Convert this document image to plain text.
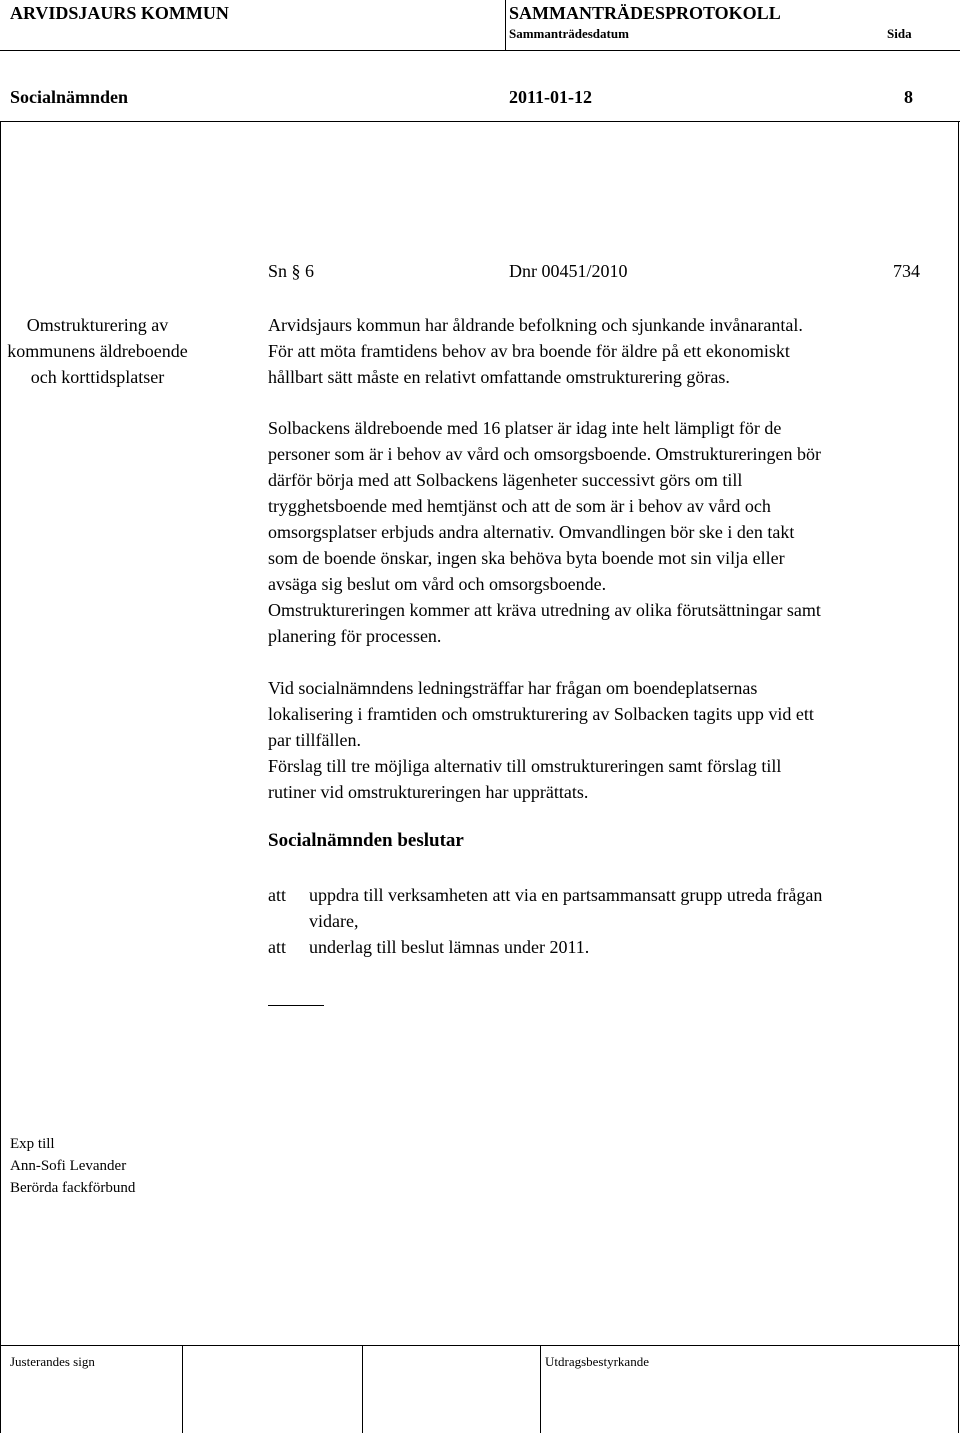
ARVIDSJAURS KOMMUN	SAMMANTRÄDESPROTOKOLL
Sammanträdesdatum	Sida
Socialnämnden	2011-01-12	8
Sn § 6	Dnr 00451/2010	734
Omstrukturering av
kommunens äldreboende
och korttidsplatser

Arvidsjaurs kommun har åldrande befolkning och sjunkande invånarantal.

För att möta framtidens behov av bra boende för äldre på ett ekonomiskt

hållbart sätt måste en relativt omfattande omstrukturering göras.

Solbackens äldreboende med 16 platser är idag inte helt lämpligt för de

personer som är i behov av vård och omsorgsboende. Omstruktureringen bör

därför börja med att Solbackens lägenheter successivt görs om till

trygghetsboende med hemtjänst och att de som är i behov av vård och

omsorgsplatser erbjuds andra alternativ. Omvandlingen bör ske i den takt

som de boende önskar, ingen ska behöva byta boende mot sin vilja eller

avsäga sig beslut om vård och omsorgsboende.

Omstruktureringen kommer att kräva utredning av olika förutsättningar samt

planering för processen.

Vid socialnämndens ledningsträffar har frågan om boendeplatsernas

lokalisering i framtiden och omstrukturering av Solbacken tagits upp vid ett

par tillfällen.

Förslag till tre möjliga alternativ till omstruktureringen samt förslag till

rutiner vid omstruktureringen har upprättats.

Socialnämnden beslutar
att uppdra till verksamheten att via en partsammansatt grupp utreda frågan
vidare,
att underlag till beslut lämnas under 2011.
Exp till
Ann-Sofi Levander
Berörda fackförbund
Justerandes sign	Utdragsbestyrkande
